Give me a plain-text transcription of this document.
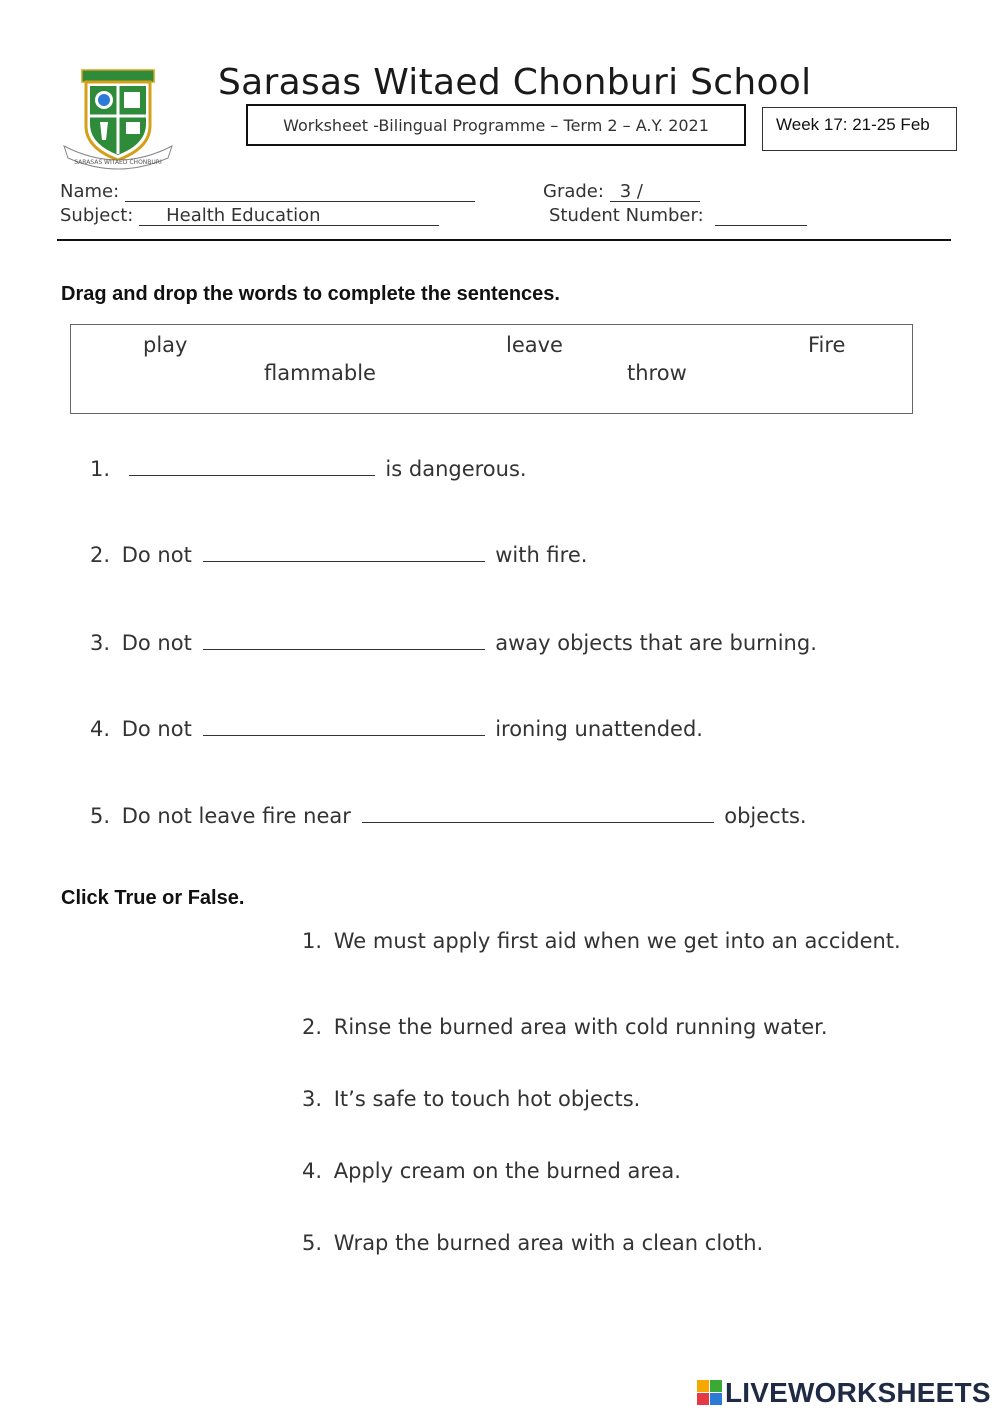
SARASAS WITAED CHONBURI
Sarasas Witaed Chonburi School
Worksheet -Bilingual Programme – Term 2 – A.Y. 2021	Week 17: 21-25 Feb
Name:	Grade: 3 /
Subject: Health Education	Student Number:
Drag and drop the words to complete the sentences.
play	leave	Fire
flammable	throw
1.	is dangerous.
2. Do not	with fire.
3. Do not	away objects that are burning.
4. Do not	ironing unattended.
5. Do not leave fire near	objects.
Click True or False.
1. We must apply first aid when we get into an accident.
2. Rinse the burned area with cold running water.
3. It’s safe to touch hot objects.
4. Apply cream on the burned area.
5. Wrap the burned area with a clean cloth.
LIVEWORKSHEETS
